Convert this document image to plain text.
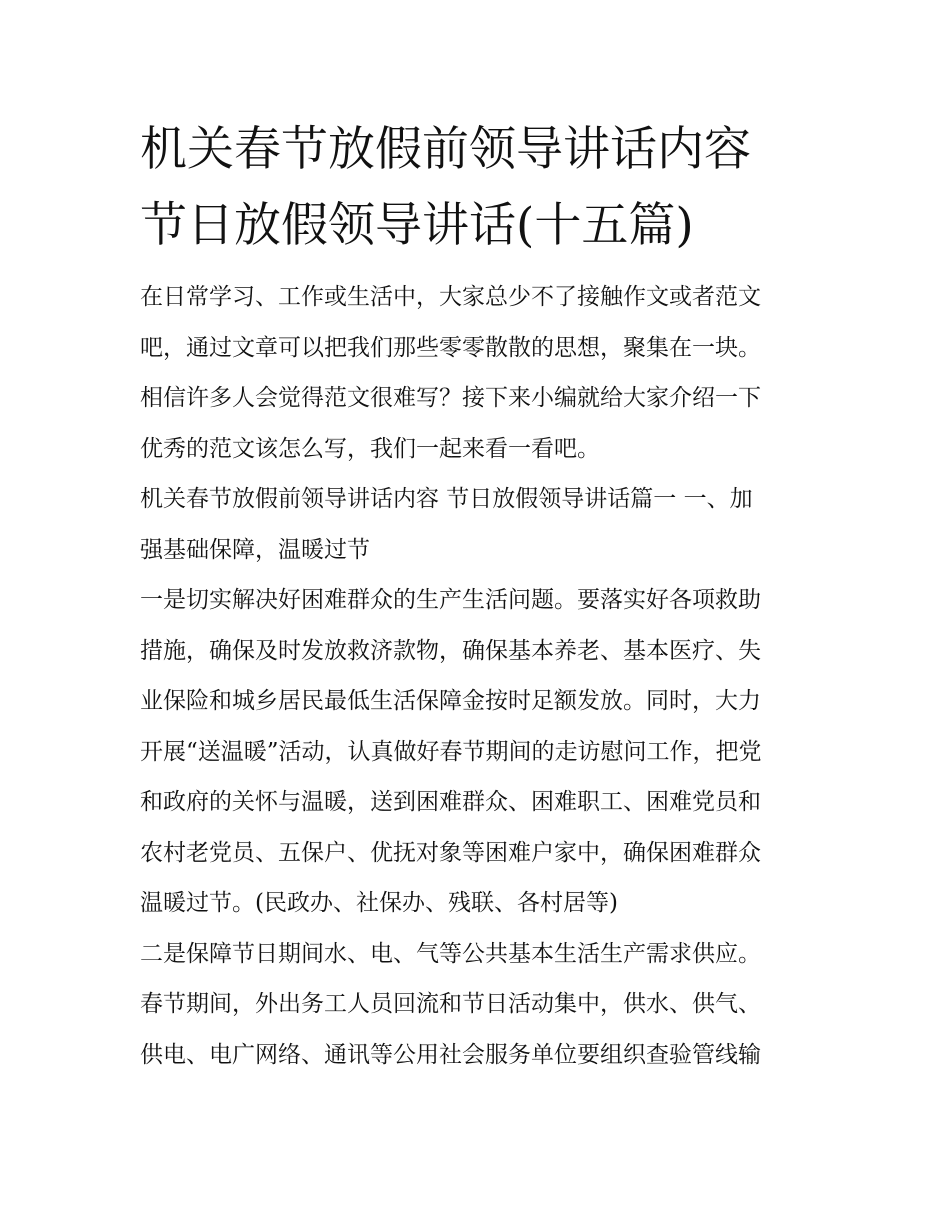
机关春节放假前领导讲话内容
节日放假领导讲话(十五篇)

在日常学习、工作或生活中，大家总少不了接触作文或者范文
吧，通过文章可以把我们那些零零散散的思想，聚集在一块。
相信许多人会觉得范文很难写？接下来小编就给大家介绍一下
优秀的范文该怎么写，我们一起来看一看吧。

机关春节放假前领导讲话内容 节日放假领导讲话篇一 一、加
强基础保障，温暖过节

一是切实解决好困难群众的生产生活问题。要落实好各项救助
措施，确保及时发放救济款物，确保基本养老、基本医疗、失
业保险和城乡居民最低生活保障金按时足额发放。同时，大力
开展“送温暖”活动，认真做好春节期间的走访慰问工作，把党
和政府的关怀与温暖，送到困难群众、困难职工、困难党员和
农村老党员、五保户、优抚对象等困难户家中，确保困难群众
温暖过节。(民政办、社保办、残联、各村居等)

二是保障节日期间水、电、气等公共基本生活生产需求供应。
春节期间，外出务工人员回流和节日活动集中，供水、供气、
供电、电广网络、通讯等公用社会服务单位要组织查验管线输
